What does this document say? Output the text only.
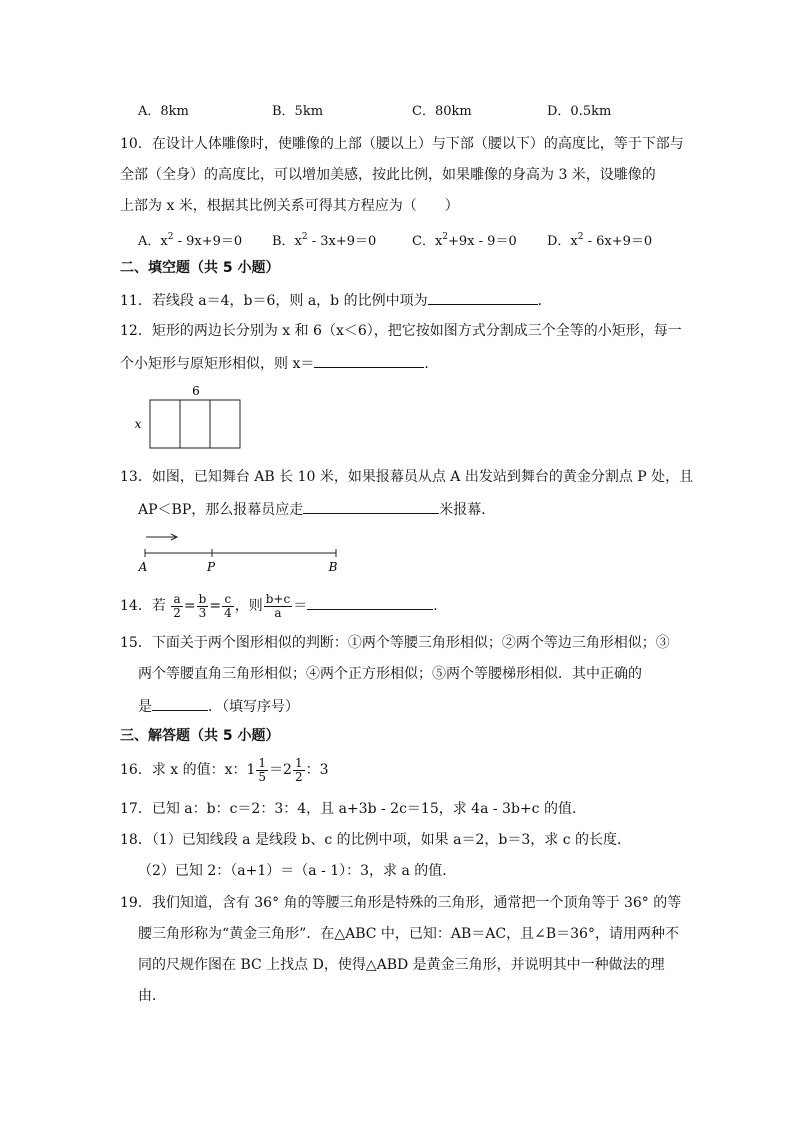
A．8km	B．5km	C．80km	D．0.5km
10．在设计人体雕像时，使雕像的上部（腰以上）与下部（腰以下）的高度比，等于下部与
全部（全身）的高度比，可以增加美感，按此比例，如果雕像的身高为 3 米，设雕像的
上部为 x 米，根据其比例关系可得其方程应为（　　）
A．$x^2 - 9x+9=0$ B．$x^2 - 3x+9=0$	C．$x^2+9x - 9=0$ D．$x^2 - 6x+9=0$
二、填空题（共 5 小题）
11．若线段 a＝4，b＝6，则 a，b 的比例中项为	．
12．矩形的两边长分别为 x 和 6（x＜6），把它按如图方式分割成三个全等的小矩形，每一
个小矩形与原矩形相似，则 x＝	．
6
x
13．如图，已知舞台 AB 长 10 米，如果报幕员从点 A 出发站到舞台的黄金分割点 P 处，且
AP＜BP，那么报幕员应走	米报幕．
A	P	B
14．若 $\frac{a}{2} = \frac{b}{3} = \frac{c}{4}$ ，则 $\frac{b+c}{a}$ ＝	．
15．下面关于两个图形相似的判断：①两个等腰三角形相似；②两个等边三角形相似；③
两个等腰直角三角形相似；④两个正方形相似；⑤两个等腰梯形相似．其中正确的
是	．（填写序号）
三、解答题（共 5 小题）
16．求 x 的值：x：$1 \frac{1}{5} =2 \frac{1}{2}$ ：3
17．已知 a：b：c＝2：3：4，且 a+3b - 2c＝15，求 4a - 3b+c 的值．
18．（1）已知线段 a 是线段 b、c 的比例中项，如果 a＝2，b＝3，求 c 的长度．
（2）已知 2：（a+1）＝（a - 1）：3，求 a 的值．
19．我们知道，含有 36° 角的等腰三角形是特殊的三角形，通常把一个顶角等于 36° 的等
腰三角形称为“黄金三角形”．在△ABC 中，已知：AB＝AC，且∠B＝36°，请用两种不
同的尺规作图在 BC 上找点 D，使得△ABD 是黄金三角形，并说明其中一种做法的理
由．
